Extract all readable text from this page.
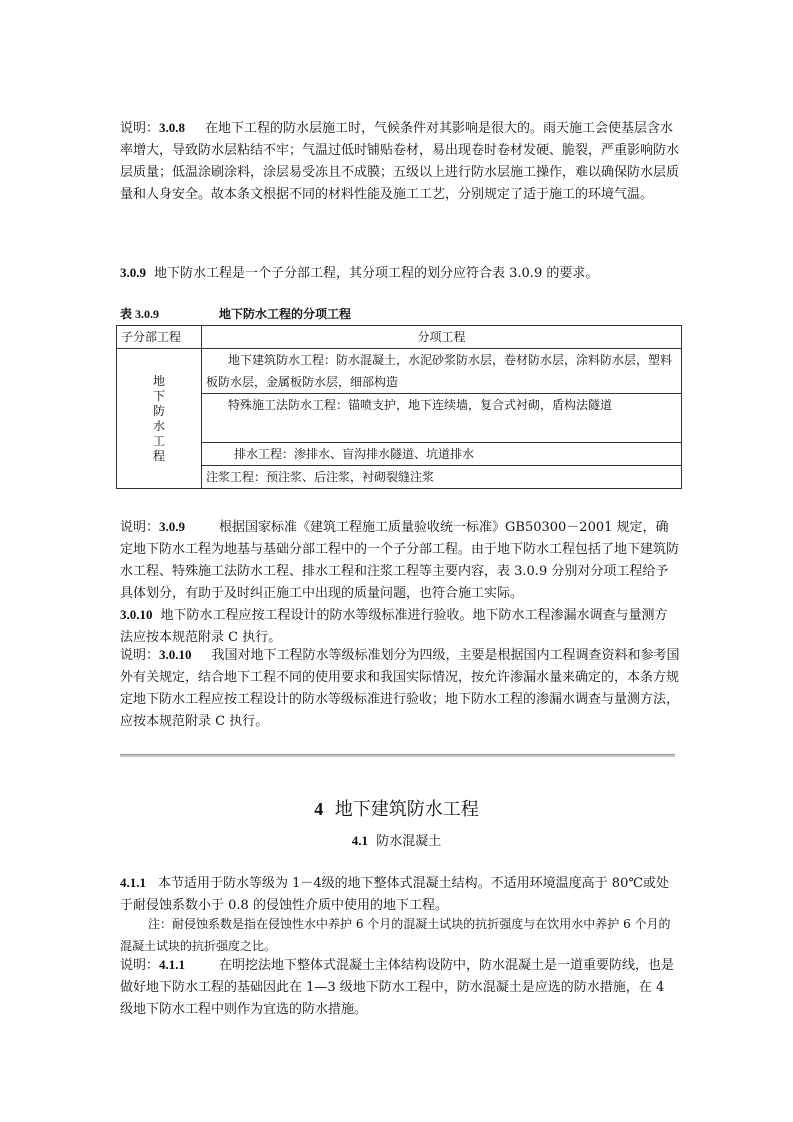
说明：3.0.8 在地下工程的防水层施工时，气候条件对其影响是很大的。雨天施工会使基层含水率增大，导致防水层粘结不牢；气温过低时铺贴卷材，易出现卷时卷材发硬、脆裂，严重影响防水层质量；低温涂刷涂料，涂层易受冻且不成膜；五级以上进行防水层施工操作，难以确保防水层质量和人身安全。故本条文根据不同的材料性能及施工工艺，分别规定了适于施工的环境气温。
3.0.9 地下防水工程是一个子分部工程，其分项工程的划分应符合表 3.0.9 的要求。
表 3.0.9	地下防水工程的分项工程
子分部工程	分项工程

地下防水工程	地下建筑防水工程：防水混凝土，水泥砂浆防水层，卷材防水层，涂料防水层，塑料板防水层，金属板防水层，细部构造
	特殊施工法防水工程：锚喷支护，地下连续墙，复合式衬砌，盾构法隧道
	排水工程：渗排水、盲沟排水隧道、坑道排水
	注浆工程：预注浆、后注浆，衬砌裂缝注浆
说明：3.0.9	根据国家标准《建筑工程施工质量验收统一标准》GB50300－2001 规定，确定地下防水工程为地基与基础分部工程中的一个子分部工程。由于地下防水工程包括了地下建筑防水工程、特殊施工法防水工程、排水工程和注浆工程等主要内容，表 3.0.9 分别对分项工程给予具体划分，有助于及时纠正施工中出现的质量问题，也符合施工实际。
3.0.10 地下防水工程应按工程设计的防水等级标准进行验收。地下防水工程渗漏水调查与量测方法应按本规范附录 C 执行。
说明：3.0.10 我国对地下工程防水等级标准划分为四级，主要是根据国内工程调查资料和参考国外有关规定，结合地下工程不同的使用要求和我国实际情况，按允许渗漏水量来确定的，本条方规定地下防水工程应按工程设计的防水等级标准进行验收；地下防水工程的渗漏水调查与量测方法，应按本规范附录 C 执行。
4 地下建筑防水工程
4.1 防水混凝土
4.1.1 本节适用于防水等级为 1－4级的地下整体式混凝土结构。不适用环境温度高于 80℃或处于耐侵蚀系数小于 0.8 的侵蚀性介质中使用的地下工程。
注：耐侵蚀系数是指在侵蚀性水中养护 6 个月的混凝土试块的抗折强度与在饮用水中养护 6 个月的混凝土试块的抗折强度之比。
说明：4.1.1	在明挖法地下整体式混凝土主体结构设防中，防水混凝土是一道重要防线，也是做好地下防水工程的基础因此在 1—3 级地下防水工程中，防水混凝土是应选的防水措施，在 4 级地下防水工程中则作为宜选的防水措施。
